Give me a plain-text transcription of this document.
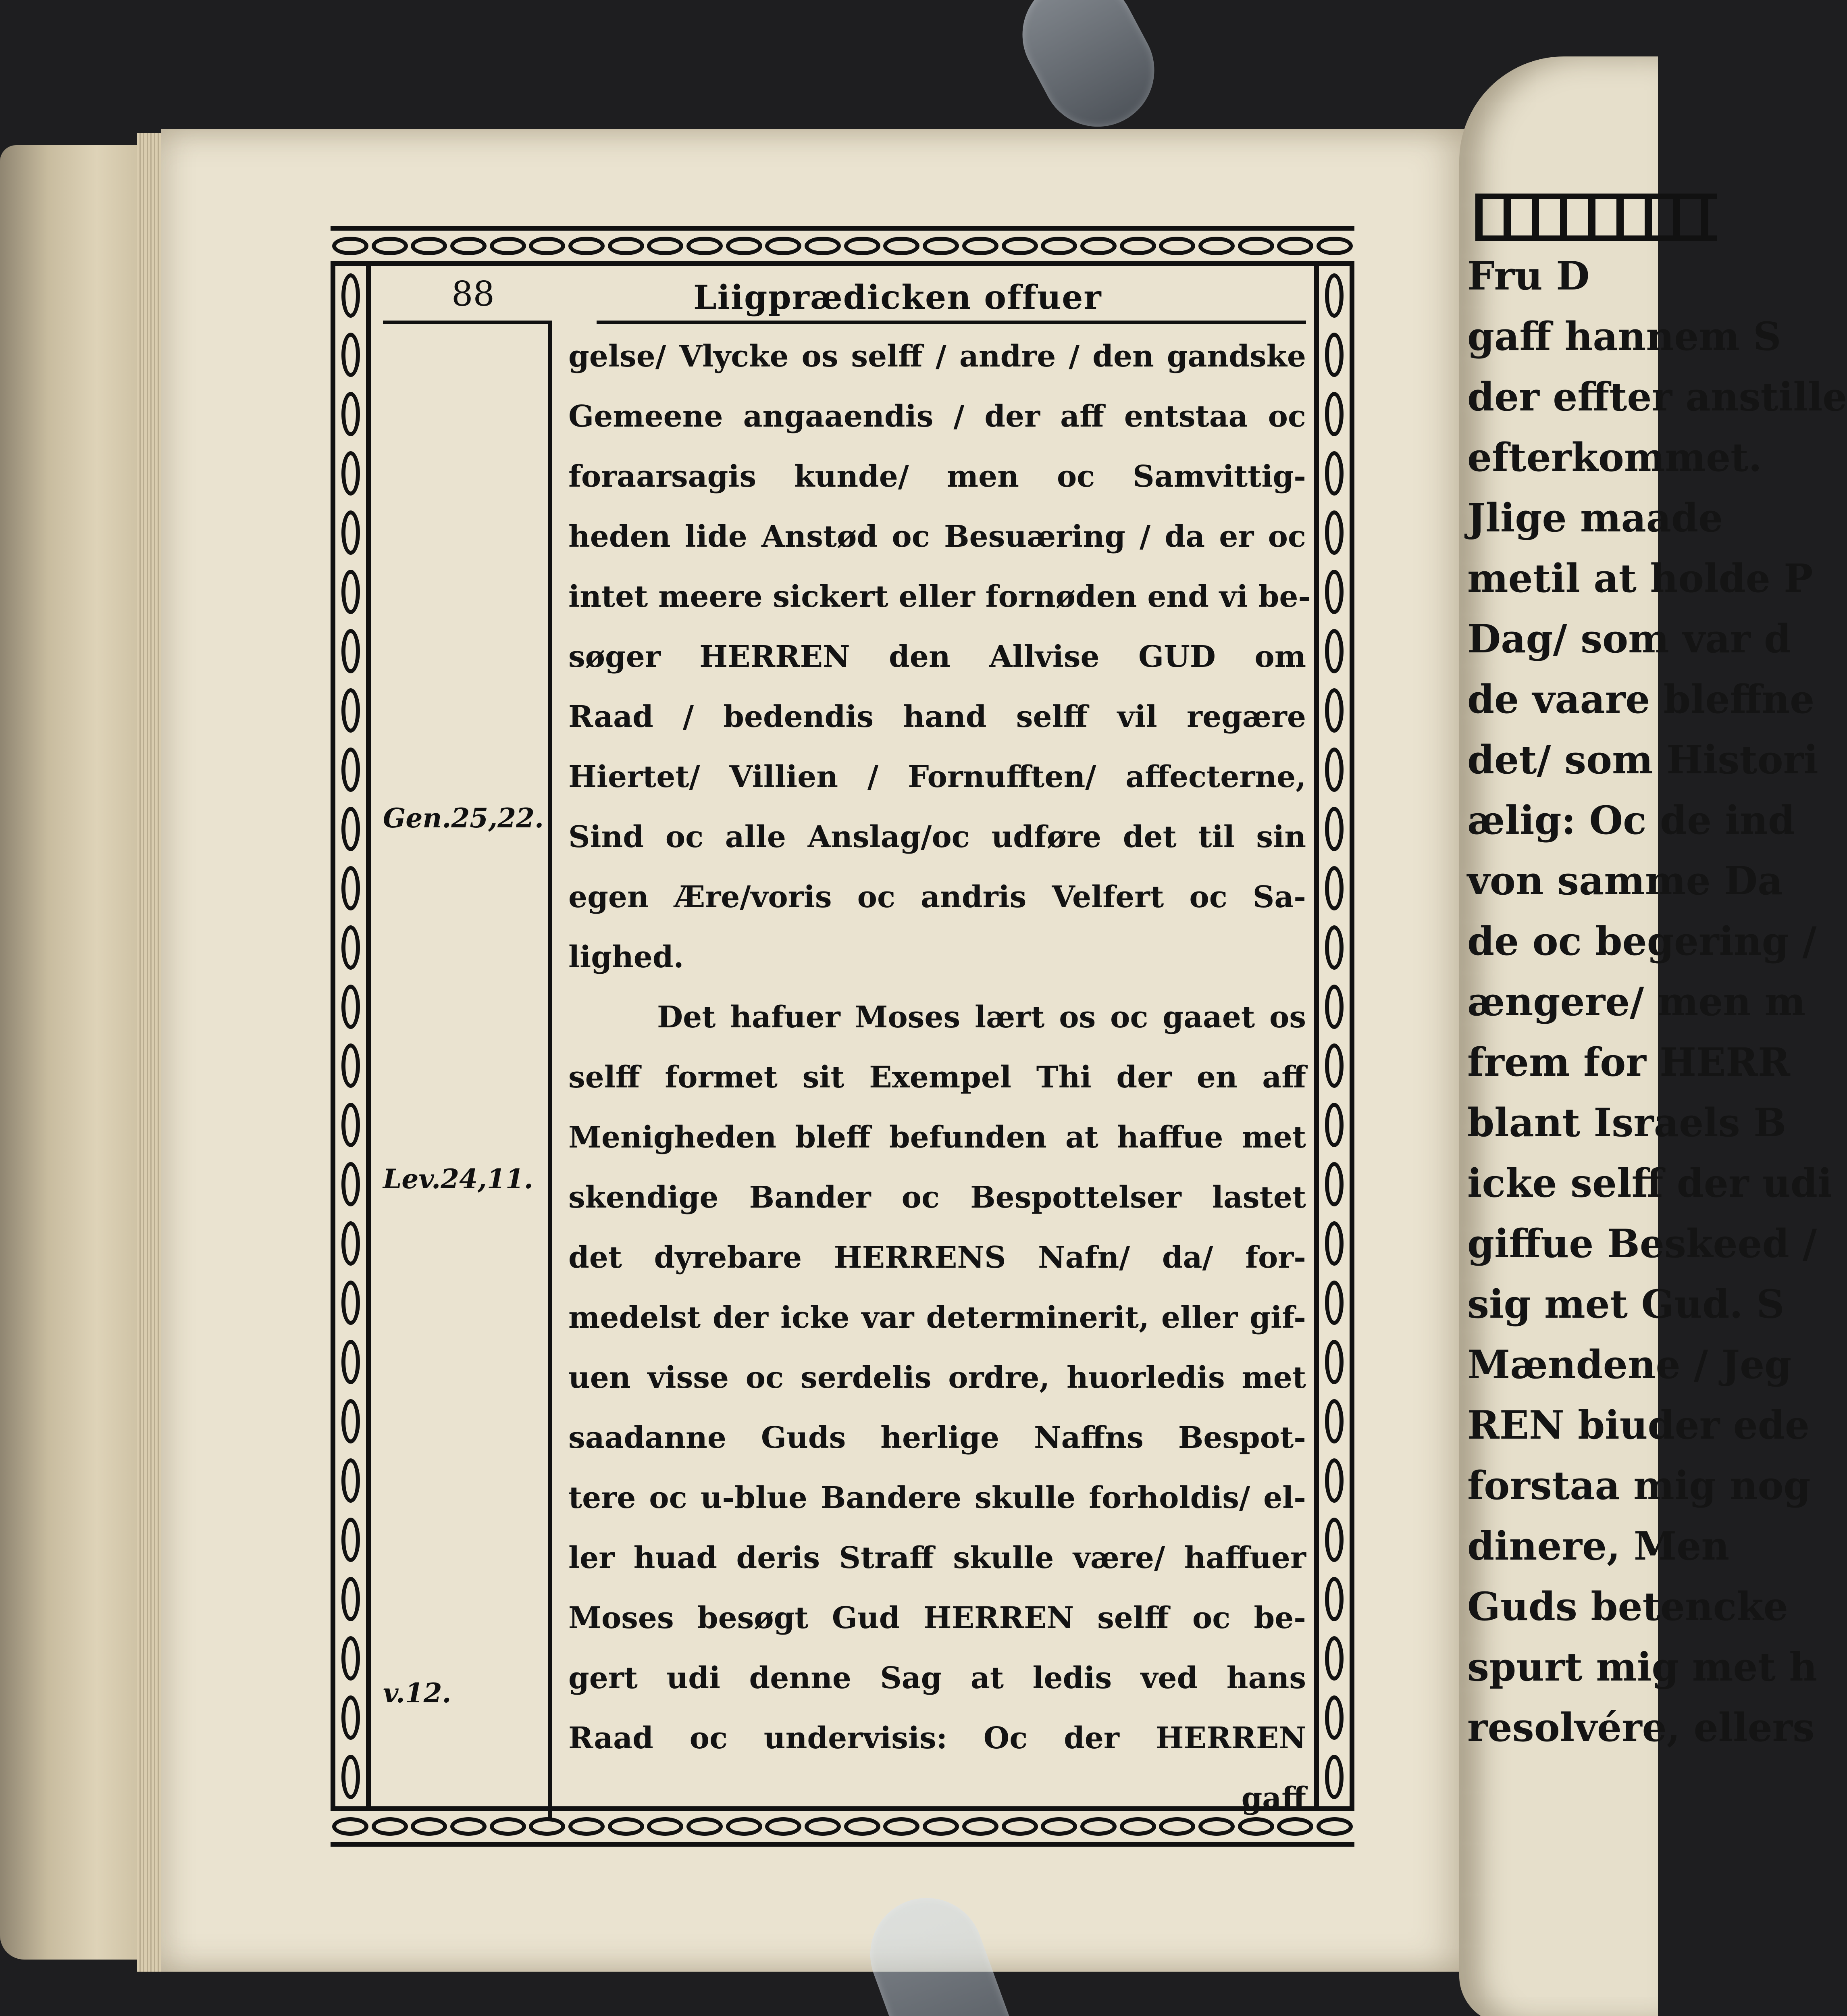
Fru D
gaff hannem S
der effter anstille
efterkommet.
Jlige maade
metil at holde P
Dag/ som var d
de vaare bleffne
det/ som Histori
ælig: Oc de ind
von samme Da
de oc begering /
ængere/ men m
frem for HERR
blant Israels B
icke selff der udi
giffue Beskeed /
sig met Gud. S
Mændene / Jeg
REN biuder ede
forstaa mig nog
dinere, Men
Guds betencke
spurt mig met h
resolvére, ellers
88	Liigprædicken offuer
Gen.25,22.
Lev.24,11.
v.12.
gelse/ Vlycke os selff / andre / den gandske
Gemeene angaaendis / der aff entstaa oc
foraarsagis kunde/ men oc Samvittig-
heden lide Anstød oc Besuæring / da er oc
intet meere sickert eller fornøden end vi be-
søger HERREN den Allvise GUD om
Raad / bedendis hand selff vil regære
Hiertet/ Villien / Fornufften/ affecterne,
Sind oc alle Anslag/oc udføre det til sin
egen Ære/voris oc andris Velfert oc Sa-
lighed.
Det hafuer Moses lært os oc gaaet os
selff formet sit Exempel Thi der en aff
Menigheden bleff befunden at haffue met
skendige Bander oc Bespottelser lastet
det dyrebare HERRENS Nafn/ da/ for-
medelst der icke var determinerit, eller gif-
uen visse oc serdelis ordre, huorledis met
saadanne Guds herlige Naffns Bespot-
tere oc u-blue Bandere skulle forholdis/ el-
ler huad deris Straff skulle være/ haffuer
Moses besøgt Gud HERREN selff oc be-
gert udi denne Sag at ledis ved hans
Raad oc undervisis: Oc der HERREN
gaff
